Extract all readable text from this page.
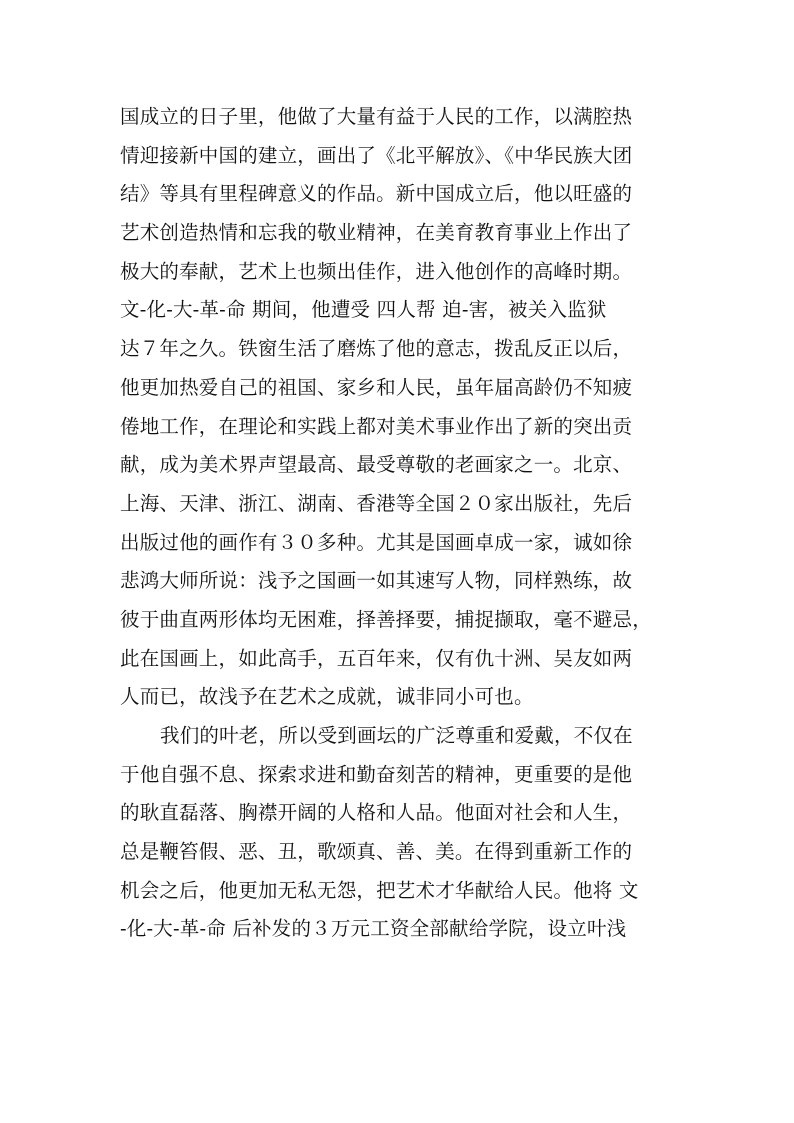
国成立的日子里，他做了大量有益于人民的工作，以满腔热
情迎接新中国的建立，画出了《北平解放》、《中华民族大团
结》等具有里程碑意义的作品。新中国成立后，他以旺盛的
艺术创造热情和忘我的敬业精神，在美育教育事业上作出了
极大的奉献，艺术上也频出佳作，进入他创作的高峰时期。
文-化-大-革-命 期间，他遭受 四人帮 迫-害，被关入监狱
达７年之久。铁窗生活了磨炼了他的意志，拨乱反正以后，
他更加热爱自己的祖国、家乡和人民，虽年届高龄仍不知疲
倦地工作，在理论和实践上都对美术事业作出了新的突出贡
献，成为美术界声望最高、最受尊敬的老画家之一。北京、
上海、天津、浙江、湖南、香港等全国２０家出版社，先后
出版过他的画作有３０多种。尤其是国画卓成一家，诚如徐
悲鸿大师所说：浅予之国画一如其速写人物，同样熟练，故
彼于曲直两形体均无困难，择善择要，捕捉撷取，毫不避忌，
此在国画上，如此高手，五百年来，仅有仇十洲、吴友如两
人而已，故浅予在艺术之成就，诚非同小可也。
我们的叶老，所以受到画坛的广泛尊重和爱戴，不仅在
于他自强不息、探索求进和勤奋刻苦的精神，更重要的是他
的耿直磊落、胸襟开阔的人格和人品。他面对社会和人生，
总是鞭笞假、恶、丑，歌颂真、善、美。在得到重新工作的
机会之后，他更加无私无怨，把艺术才华献给人民。他将 文
-化-大-革-命 后补发的３万元工资全部献给学院，设立叶浅
